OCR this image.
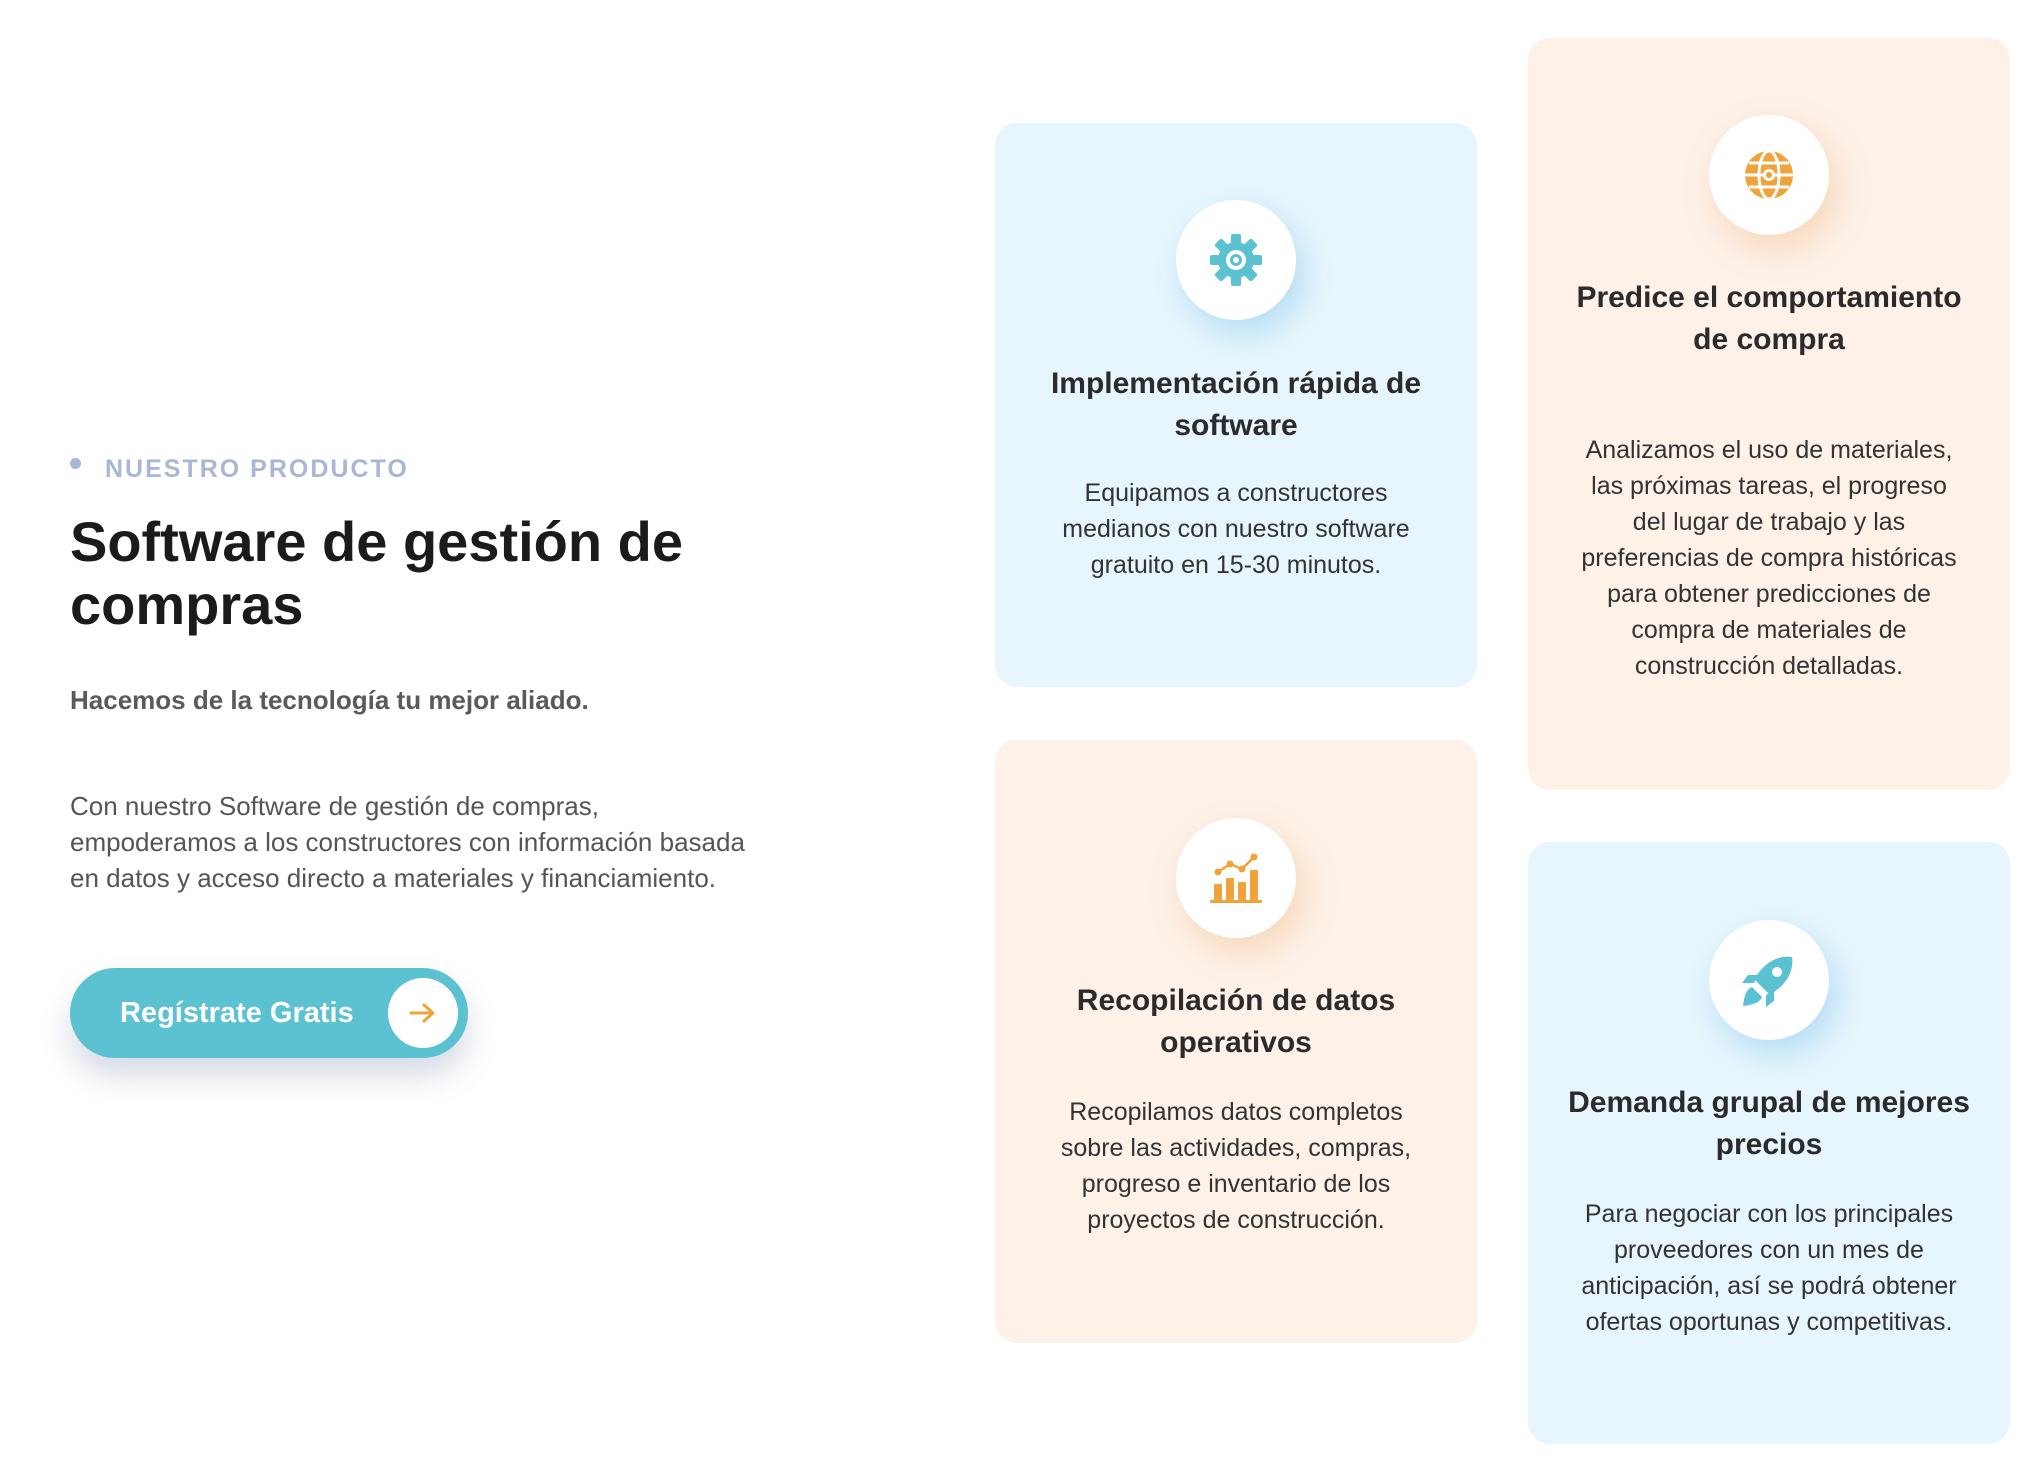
NUESTRO PRODUCTO
Software de gestión de compras

Hacemos de la tecnología tu mejor aliado.

Con nuestro Software de gestión de compras, empoderamos a los constructores con información basada en datos y acceso directo a materiales y financiamiento.

Regístrate Gratis
Implementación rápida de software

Equipamos a constructores medianos con nuestro software gratuito en 15-30 minutos.

Predice el comportamiento de compra

Analizamos el uso de materiales, las próximas tareas, el progreso del lugar de trabajo y las preferencias de compra históricas para obtener predicciones de compra de materiales de construcción detalladas.

Recopilación de datos operativos

Recopilamos datos completos sobre las actividades, compras, progreso e inventario de los proyectos de construcción.

Demanda grupal de mejores precios

Para negociar con los principales proveedores con un mes de anticipación, así se podrá obtener ofertas oportunas y competitivas.
